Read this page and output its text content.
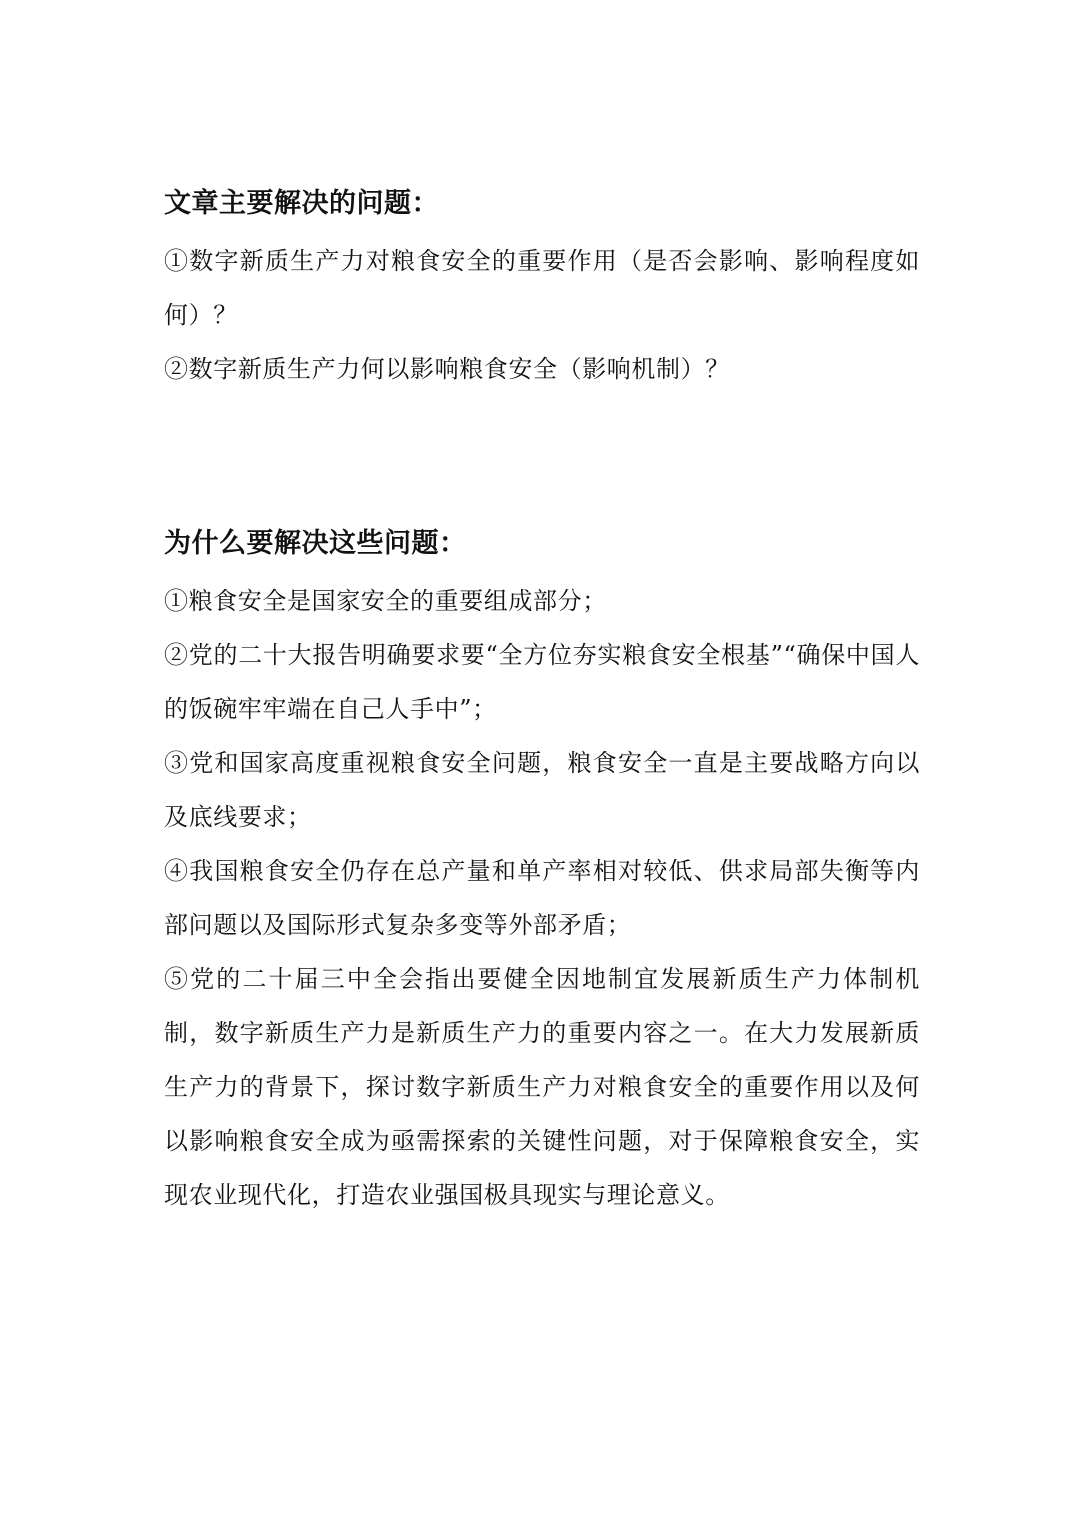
文章主要解决的问题：

①数字新质生产力对粮食安全的重要作用（是否会影响、影响程度如何）？

②数字新质生产力何以影响粮食安全（影响机制）？

为什么要解决这些问题：

①粮食安全是国家安全的重要组成部分；

②党的二十大报告明确要求要“全方位夯实粮食安全根基”“确保中国人的饭碗牢牢端在自己人手中”；

③党和国家高度重视粮食安全问题，粮食安全一直是主要战略方向以及底线要求；

④我国粮食安全仍存在总产量和单产率相对较低、供求局部失衡等内部问题以及国际形式复杂多变等外部矛盾；

⑤党的二十届三中全会指出要健全因地制宜发展新质生产力体制机制，数字新质生产力是新质生产力的重要内容之一。在大力发展新质生产力的背景下，探讨数字新质生产力对粮食安全的重要作用以及何以影响粮食安全成为亟需探索的关键性问题，对于保障粮食安全，实现农业现代化，打造农业强国极具现实与理论意义。
